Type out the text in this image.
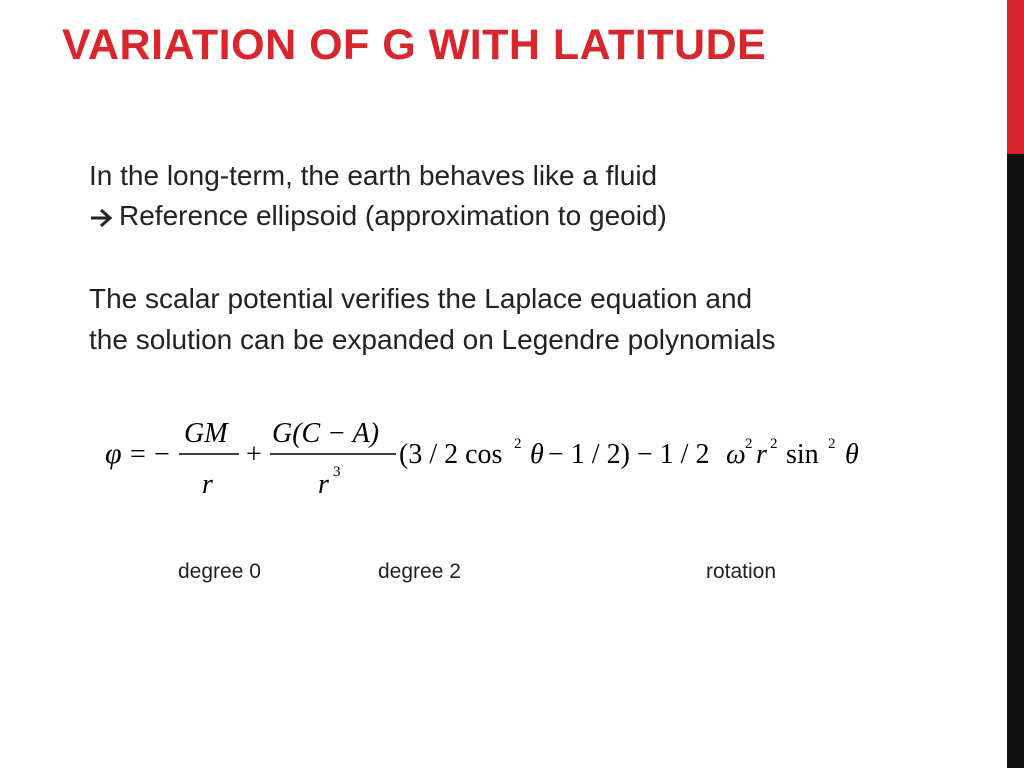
VARIATION OF G WITH LATITUDE

In the long-term, the earth behaves like a fluid

Reference ellipsoid (approximation to geoid)

The scalar potential verifies the Laplace equation and

the solution can be expanded on Legendre polynomials

φ = −
GM
r
+
G(C − A)
r 3
(3 / 2 cos 2 θ − 1 / 2) − 1 / 2 ω 2 r 2 sin 2 θ
degree 0	degree 2	rotation
